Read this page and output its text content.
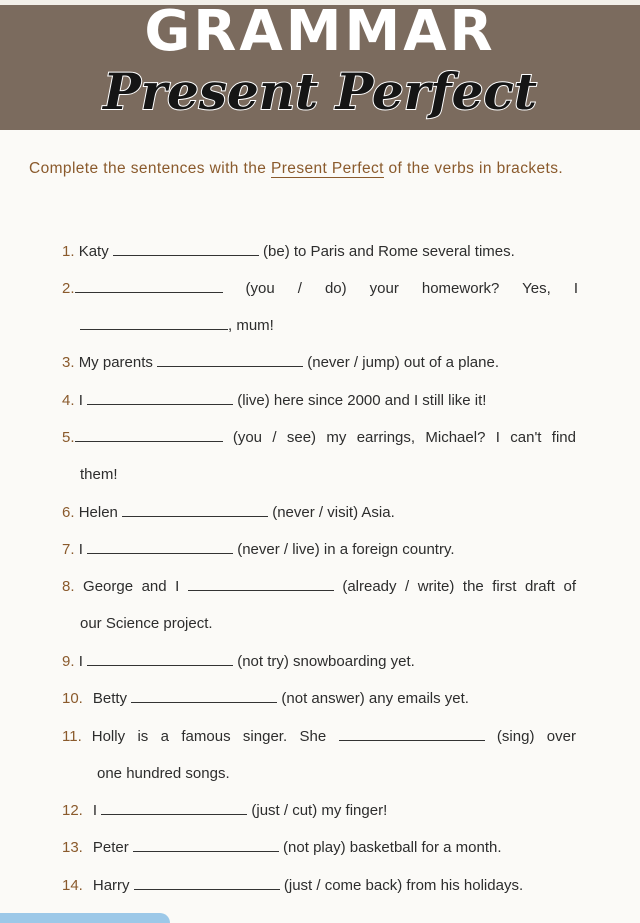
GRAMMAR
Present Perfect
Complete the sentences with the Present Perfect of the verbs in brackets.
1. Katy	(be) to Paris and Rome several times.
2.	(you / do) your homework? Yes, I
, mum!
3. My parents	(never / jump) out of a plane.
4. I	(live) here since 2000 and I still like it!
5.	(you / see) my earrings, Michael? I can't find
them!
6. Helen	(never / visit) Asia.
7. I	(never / live) in a foreign country.
8. George and I	(already / write) the first draft of
our Science project.
9. I	(not try) snowboarding yet.
10. Betty	(not answer) any emails yet.
11. Holly is a famous singer. She	(sing) over
one hundred songs.
12. I	(just / cut) my finger!
13. Peter	(not play) basketball for a month.
14. Harry	(just / come back) from his holidays.
